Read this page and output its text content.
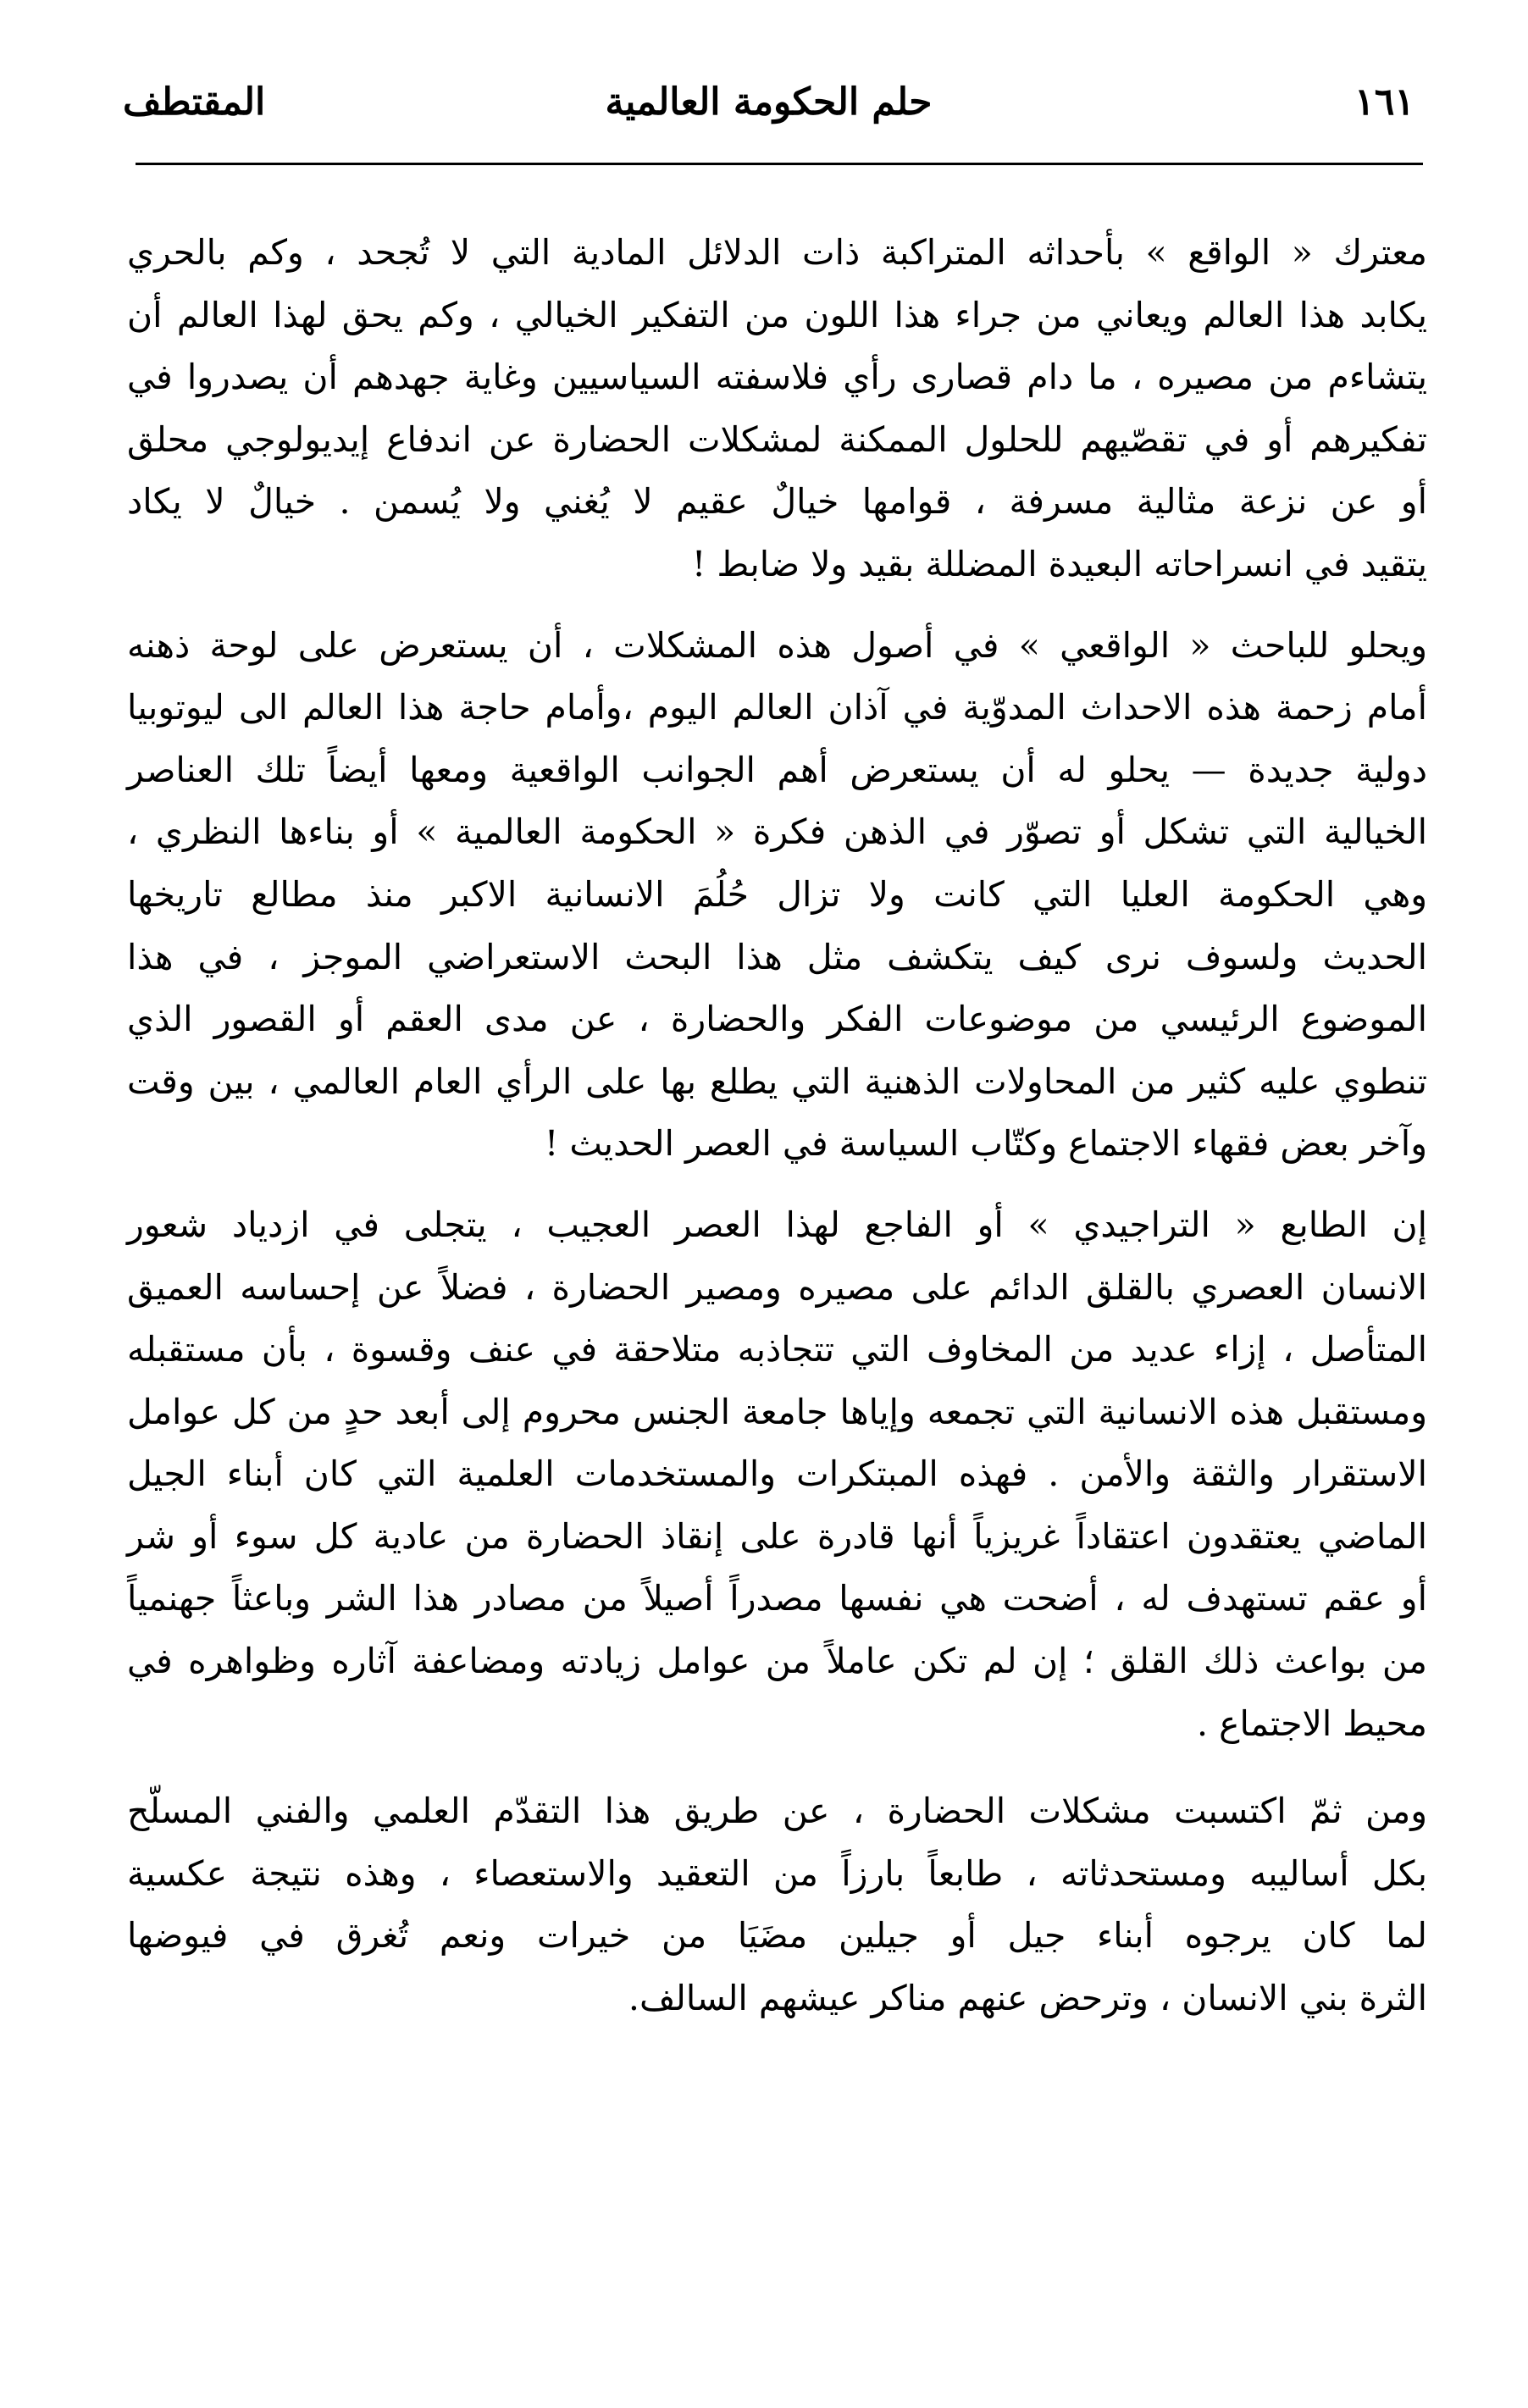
١٦١
حلم الحكومة العالمية
المقتطف

معترك « الواقع » بأحداثه المتراكبة ذات الدلائل المادية التي لا تُجحد ، وكم بالحري
يكابد هذا العالم ويعاني من جراء هذا اللون من التفكير الخيالي ، وكم يحق لهذا العالم أن
يتشاءم من مصيره ، ما دام قصارى رأي فلاسفته السياسيين وغاية جهدهم أن يصدروا في
تفكيرهم أو في تقصّيهم للحلول الممكنة لمشكلات الحضارة عن اندفاع إيديولوجي محلق
أو عن نزعة مثالية مسرفة ، قوامها خيالٌ عقيم لا يُغني ولا يُسمن . خيالٌ لا يكاد
يتقيد في انسراحاته البعيدة المضللة بقيد ولا ضابط !

ويحلو للباحث « الواقعي » في أصول هذه المشكلات ، أن يستعرض على لوحة ذهنه
أمام زحمة هذه الاحداث المدوّية في آذان العالم اليوم ،وأمام حاجة هذا العالم الى ليوتوبيا
دولية جديدة — يحلو له أن يستعرض أهم الجوانب الواقعية ومعها أيضاً تلك العناصر
الخيالية التي تشكل أو تصوّر في الذهن فكرة « الحكومة العالمية » أو بناءها النظري ،
وهي الحكومة العليا التي كانت ولا تزال حُلُمَ الانسانية الاكبر منذ مطالع تاريخها
الحديث ولسوف نرى كيف يتكشف مثل هذا البحث الاستعراضي الموجز ، في هذا
الموضوع الرئيسي من موضوعات الفكر والحضارة ، عن مدى العقم أو القصور الذي
تنطوي عليه كثير من المحاولات الذهنية التي يطلع بها على الرأي العام العالمي ، بين وقت
وآخر بعض فقهاء الاجتماع وكتّاب السياسة في العصر الحديث !

إن الطابع « التراجيدي » أو الفاجع لهذا العصر العجيب ، يتجلى في ازدياد شعور
الانسان العصري بالقلق الدائم على مصيره ومصير الحضارة ، فضلاً عن إحساسه العميق
المتأصل ، إزاء عديد من المخاوف التي تتجاذبه متلاحقة في عنف وقسوة ، بأن مستقبله
ومستقبل هذه الانسانية التي تجمعه وإياها جامعة الجنس محروم إلى أبعد حدٍ من كل عوامل
الاستقرار والثقة والأمن . فهذه المبتكرات والمستخدمات العلمية التي كان أبناء الجيل
الماضي يعتقدون اعتقاداً غريزياً أنها قادرة على إنقاذ الحضارة من عادية كل سوء أو شر
أو عقم تستهدف له ، أضحت هي نفسها مصدراً أصيلاً من مصادر هذا الشر وباعثاً جهنمياً
من بواعث ذلك القلق ؛ إن لم تكن عاملاً من عوامل زيادته ومضاعفة آثاره وظواهره في
محيط الاجتماع .

ومن ثمّ اكتسبت مشكلات الحضارة ، عن طريق هذا التقدّم العلمي والفني المسلّح
بكل أساليبه ومستحدثاته ، طابعاً بارزاً من التعقيد والاستعصاء ، وهذه نتيجة عكسية
لما كان يرجوه أبناء جيل أو جيلين مضَيَا من خيرات ونعم تُغرق في فيوضها
الثرة بني الانسان ، وترحض عنهم مناكر عيشهم السالف.
